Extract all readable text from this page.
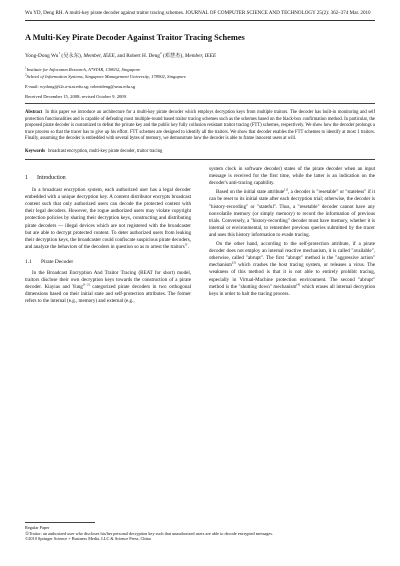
Wu YD, Deng RH. A multi-key pirate decoder against traitor tracing schemes. JOURNAL OF COMPUTER SCIENCE AND TECHNOLOGY 25(2): 362–374 Mar. 2010
A Multi-Key Pirate Decoder Against Traitor Tracing Schemes
Yong-Dong Wu$^1$ (吴永东), Member, IEEE, and Robert H. Deng$^2$ (邓慧杰), Member, IEEE
$^1$Institute for Infocomm Research, A*STAR, 138632, Singapore
$^2$School of Information Systems, Singapore Management University, 178902, Singapore
E-mail: wydong@i2r.a-star.edu.sg; robertdeng@smu.edu.sg
Received December 15, 2008; revised October 9, 2009.

Abstract In this paper we introduce an architecture for a multi-key pirate decoder which employs decryption keys from multiple traitors. The decoder has built-in monitoring and self protection functionalities and is capable of defeating most multiple-round based traitor tracing schemes such as the schemes based on the black-box confirmation method. In particular, the proposed pirate decoder is customized to defeat the private key and the public key fully collusion resistant traitor tracing (FTT) schemes, respectively. We show how the decoder prolongs a trace process so that the tracer has to give up his effort. FTT schemes are designed to identify all the traitors. We show that decoder enables the FTT schemes to identify at most 1 traitors. Finally, assuming the decoder is embedded with several bytes of memory, we demonstrate how the decoder is able to frame innocent users at will.

Keywords broadcast encryption, multi-key pirate decoder, traitor tracing
1 Introduction

In a broadcast encryption system, each authorized user has a legal decoder embedded with a unique decryption key. A content distributor encrypts broadcast content such that only authorized users can decode the protected content with their legal decoders. However, the rogue authorized users may violate copyright protection policies by sharing their decryption keys, constructing and distributing pirate decoders — illegal devices which are not registered with the broadcaster but are able to decrypt protected content. To deter authorized users from leaking their decryption keys, the broadcaster could confiscate suspicious pirate decoders, and analyze the behaviors of the decoders in question so as to arrest the traitors①.

1.1 Pirate Decoder

In the Broadcast Encryption And Traitor Tracing (BEAT for short) model, traitors disclose their own decryption keys towards the construction of a pirate decoder. Kiayias and Yung[1–2] categorized pirate decoders in two orthogonal dimensions based on their initial state and self-protection attributes. The former refers to the internal (e.g., memory) and external (e.g.,

system clock in software decoder) states of the pirate decoder when an input message is received for the first time, while the latter is an indication on the decoder's anti-tracing capability.

Based on the initial state attribute[1], a decoder is "resetable" or "stateless" if it can be reset to its initial state after each decryption trial; otherwise, the decoder is "history-recording" or "stateful". Thus, a "resetable" decoder cannot have any nonvolatile memory (or simply memory) to record the information of previous trials. Conversely, a "history-recording" decoder must have memory, whether it is internal or environmental, to remember previous queries submitted by the tracer and uses this history information to evade tracing.

On the other hand, according to the self-protection attribute, if a pirate decoder does not employ an internal reactive mechanism, it is called "available", otherwise, called "abrupt". The first "abrupt" method is the "aggressive action" mechanism[3] which crashes the host tracing system, or releases a virus. The weakness of this method is that it is not able to entirely prohibit tracing, especially in Virtual-Machine protection environment. The second "abrupt" method is the "shutting down" mechanism[4] which erases all internal decryption keys in order to halt the tracing process.

Regular Paper
①Traitor: an authorized user who discloses his/her personal decryption key such that unauthorized users are able to decode encrypted messages.
©2010 Springer Science + Business Media, LLC & Science Press, China
